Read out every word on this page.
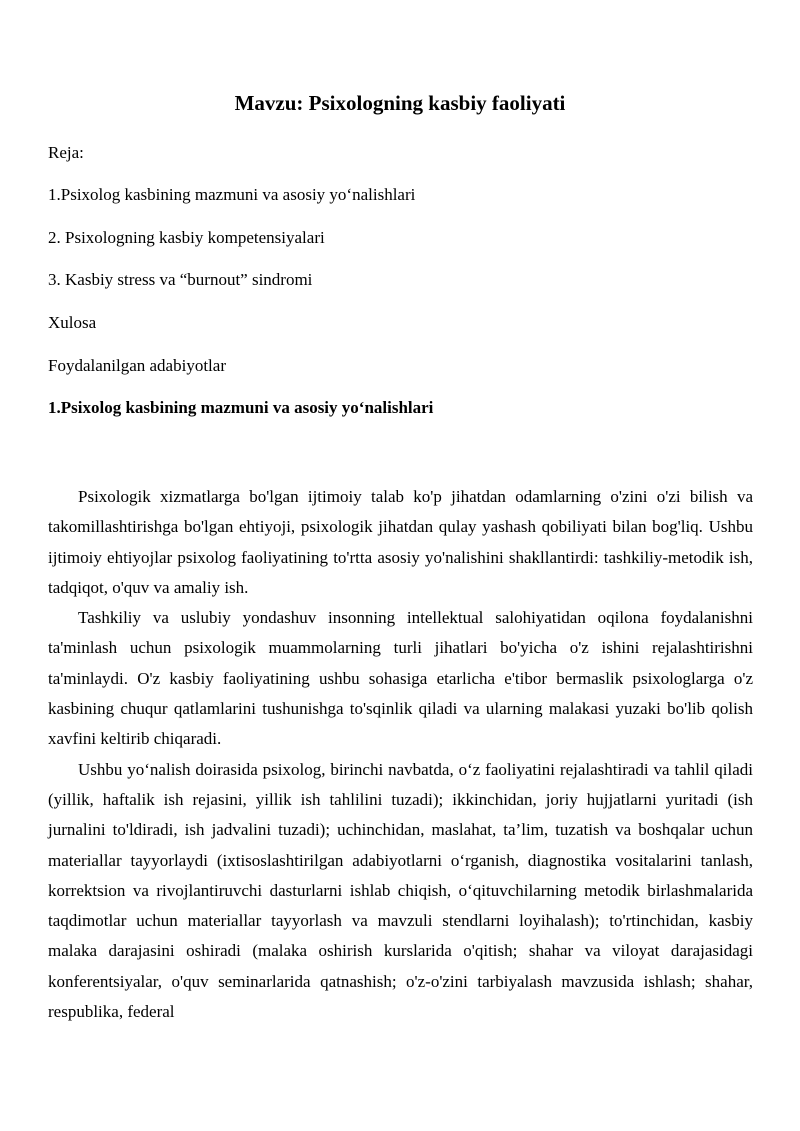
Mavzu: Psixologning kasbiy faoliyati
Reja:
1.Psixolog kasbining mazmuni va asosiy yo‘nalishlari
2. Psixologning kasbiy kompetensiyalari
3. Kasbiy stress va “burnout” sindromi
Xulosa
Foydalanilgan adabiyotlar
1.Psixolog kasbining mazmuni va asosiy yo‘nalishlari

Psixologik xizmatlarga bo'lgan ijtimoiy talab ko'p jihatdan odamlarning o'zini o'zi bilish va takomillashtirishga bo'lgan ehtiyoji, psixologik jihatdan qulay yashash qobiliyati bilan bog'liq. Ushbu ijtimoiy ehtiyojlar psixolog faoliyatining to'rtta asosiy yo'nalishini shakllantirdi: tashkiliy-metodik ish, tadqiqot, o'quv va amaliy ish.

Tashkiliy va uslubiy yondashuv insonning intellektual salohiyatidan oqilona foydalanishni ta'minlash uchun psixologik muammolarning turli jihatlari bo'yicha o'z ishini rejalashtirishni ta'minlaydi. O'z kasbiy faoliyatining ushbu sohasiga etarlicha e'tibor bermaslik psixologlarga o'z kasbining chuqur qatlamlarini tushunishga to'sqinlik qiladi va ularning malakasi yuzaki bo'lib qolish xavfini keltirib chiqaradi.

Ushbu yo‘nalish doirasida psixolog, birinchi navbatda, o‘z faoliyatini rejalashtiradi va tahlil qiladi (yillik, haftalik ish rejasini, yillik ish tahlilini tuzadi); ikkinchidan, joriy hujjatlarni yuritadi (ish jurnalini to'ldiradi, ish jadvalini tuzadi); uchinchidan, maslahat, ta’lim, tuzatish va boshqalar uchun materiallar tayyorlaydi (ixtisoslashtirilgan adabiyotlarni o‘rganish, diagnostika vositalarini tanlash, korrektsion va rivojlantiruvchi dasturlarni ishlab chiqish, o‘qituvchilarning metodik birlashmalarida taqdimotlar uchun materiallar tayyorlash va mavzuli stendlarni loyihalash); to'rtinchidan, kasbiy malaka darajasini oshiradi (malaka oshirish kurslarida o'qitish; shahar va viloyat darajasidagi konferentsiyalar, o'quv seminarlarida qatnashish; o'z-o'zini tarbiyalash mavzusida ishlash; shahar, respublika, federal
